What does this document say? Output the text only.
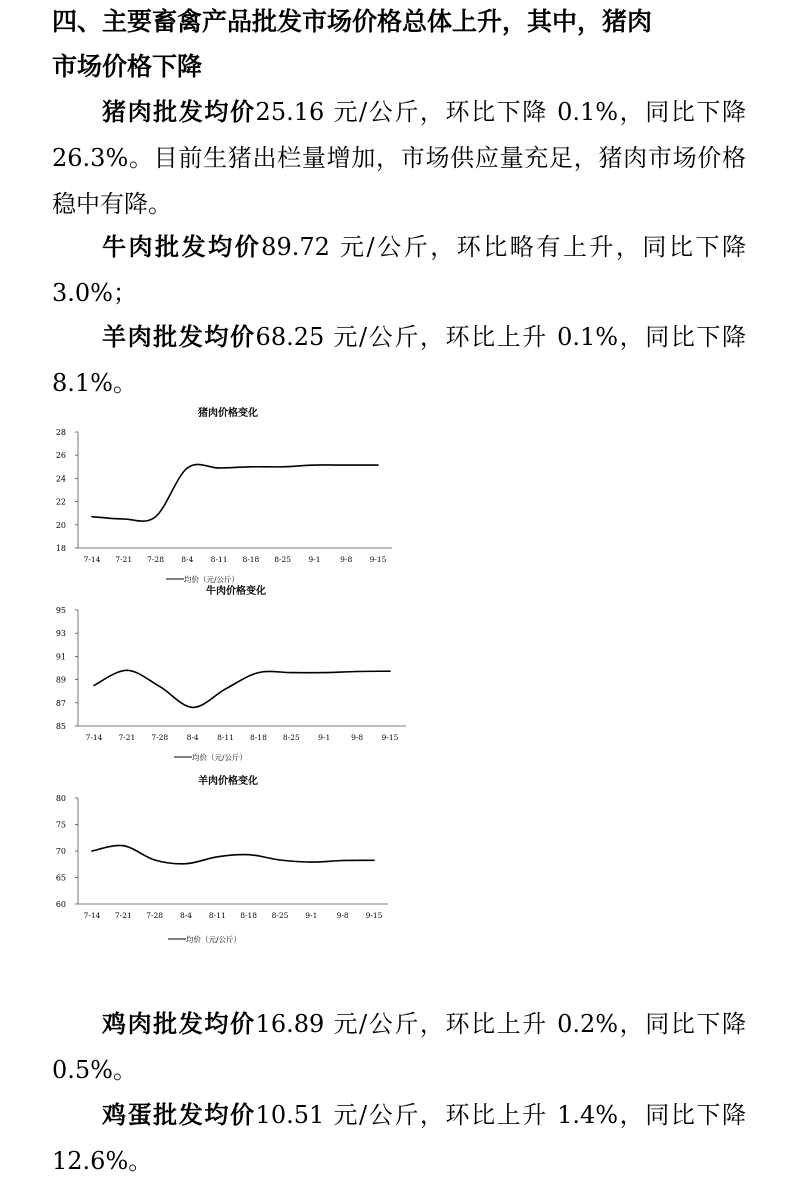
四、主要畜禽产品批发市场价格总体上升，其中，猪肉
市场价格下降

猪肉批发均价25.16 元/公斤，环比下降 0.1%，同比下降 26.3%。目前生猪出栏量增加，市场供应量充足，猪肉市场价格稳中有降。

牛肉批发均价89.72 元/公斤，环比略有上升，同比下降 3.0%；

羊肉批发均价68.25 元/公斤，环比上升 0.1%，同比下降 8.1%。

猪肉价格变化
18
20
22
24
26
28
7-14 7-21 7-28 8-4 8-11 8-18 8-25 9-1	9-8 9-15
均价（元/公斤）
牛肉价格变化
85
87
89
91
93
95
7-14 7-21 7-28 8-4 8-11 8-18 8-25 9-1	9-8 9-15
均价（元/公斤）
羊肉价格变化
60
65
70
75
80
7-14 7-21 7-28 8-4 8-11 8-18 8-25 9-1	9-8 9-15
均价（元/公斤）

鸡肉批发均价16.89 元/公斤，环比上升 0.2%，同比下降 0.5%。

鸡蛋批发均价10.51 元/公斤，环比上升 1.4%，同比下降 12.6%。
